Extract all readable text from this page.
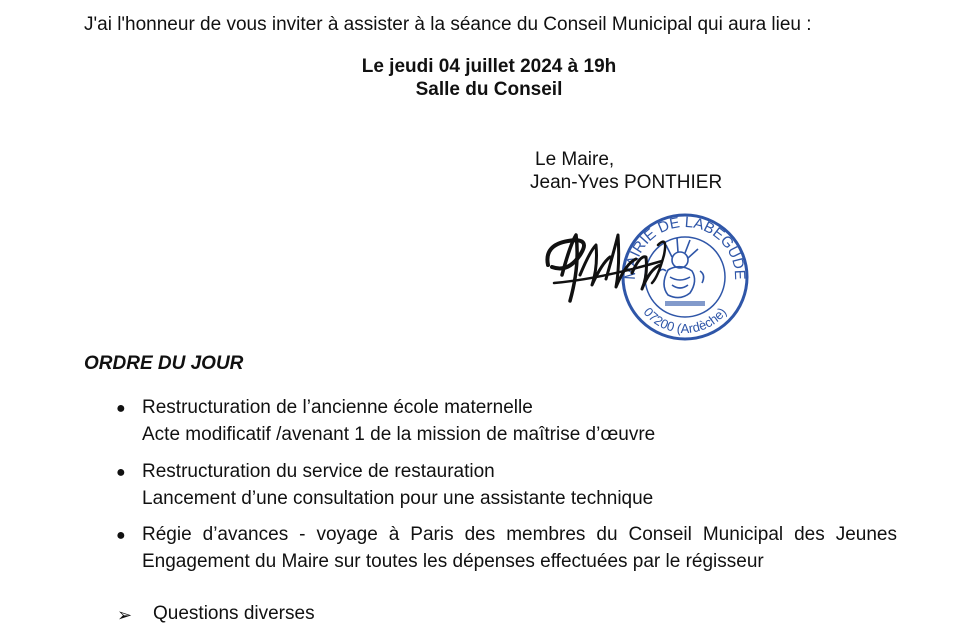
J'ai l'honneur de vous inviter à assister à la séance du Conseil Municipal qui aura lieu :
Le jeudi 04 juillet 2024 à 19h
Salle du Conseil
Le Maire,
Jean-Yves PONTHIER
MAIRIE DE LABEGUDE
07200 (Ardèche)
ORDRE DU JOUR
● Restructuration de l’ancienne école maternelle
Acte modificatif /avenant 1 de la mission de maîtrise d’œuvre
● Restructuration du service de restauration
Lancement d’une consultation pour une assistante technique
● Régie d’avances - voyage à Paris des membres du Conseil Municipal des Jeunes
Engagement du Maire sur toutes les dépenses effectuées par le régisseur
➢ Questions diverses
